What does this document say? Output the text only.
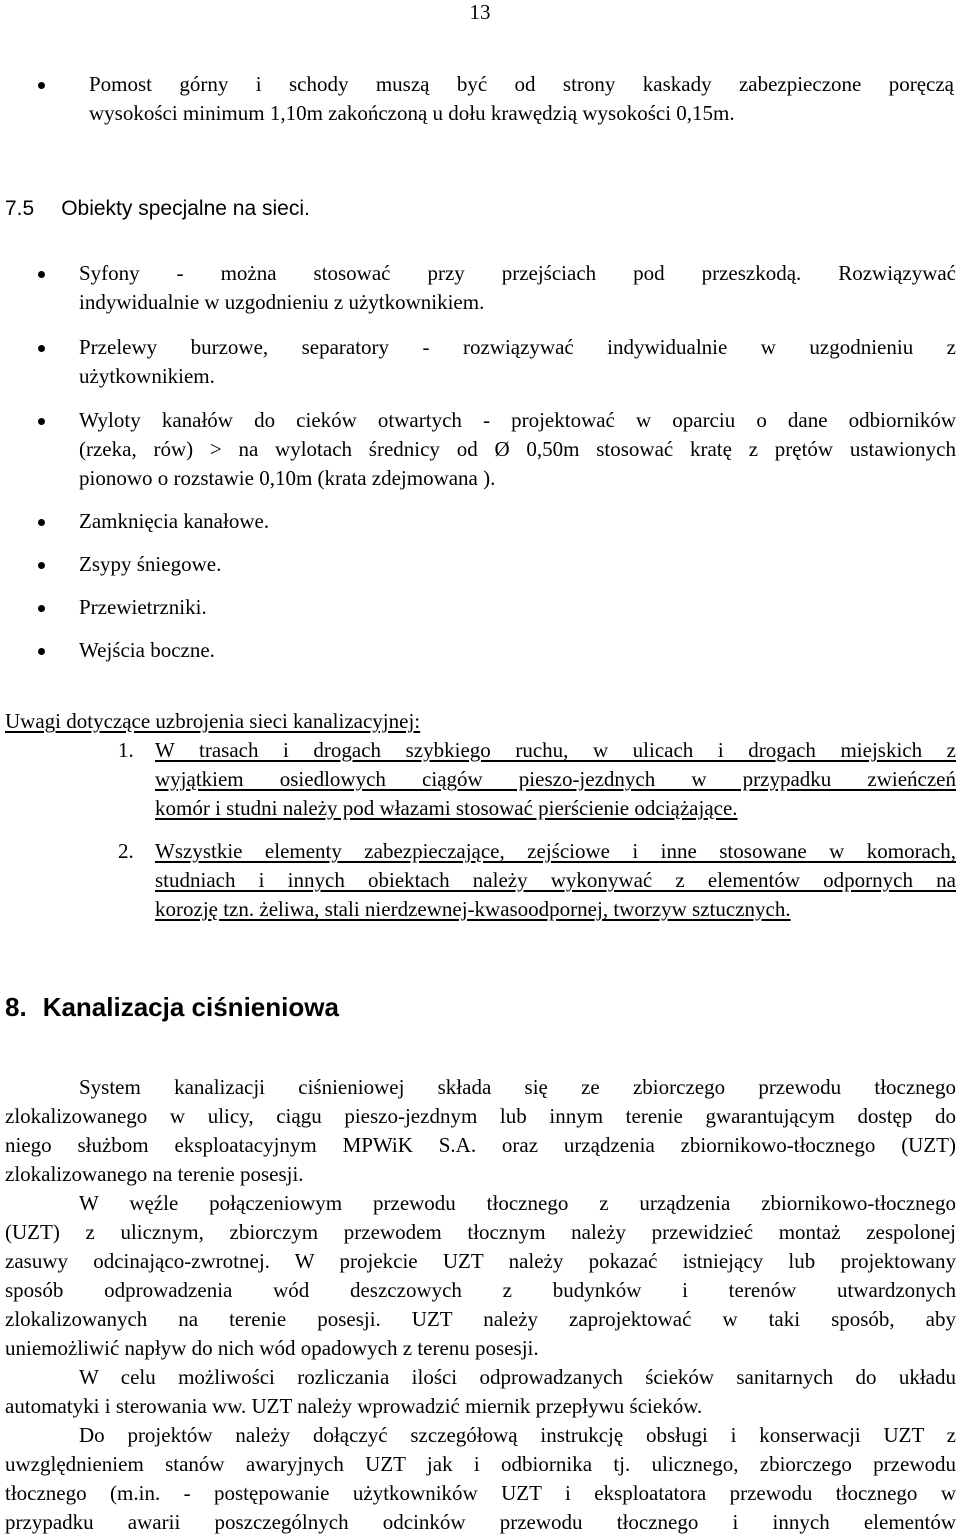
13
Pomost górny i schody muszą być od strony kaskady zabezpieczone poręczą
wysokości minimum 1,10m zakończoną u dołu krawędzią wysokości 0,15m.
7.5 Obiekty specjalne na sieci.
Syfony - można stosować przy przejściach pod przeszkodą. Rozwiązywać
indywidualnie w uzgodnieniu z użytkownikiem.
Przelewy burzowe, separatory - rozwiązywać indywidualnie w uzgodnieniu z
użytkownikiem.
Wyloty kanałów do cieków otwartych - projektować w oparciu o dane odbiorników
(rzeka, rów) > na wylotach średnicy od Ø 0,50m stosować kratę z prętów ustawionych
pionowo o rozstawie 0,10m (krata zdejmowana ).
Zamknięcia kanałowe.
Zsypy śniegowe.
Przewietrzniki.
Wejścia boczne.
Uwagi dotyczące uzbrojenia sieci kanalizacyjnej:
1. W trasach i drogach szybkiego ruchu, w ulicach i drogach miejskich z
wyjątkiem osiedlowych ciągów pieszo-jezdnych w przypadku zwieńczeń
komór i studni należy pod włazami stosować pierścienie odciążające.
2. Wszystkie elementy zabezpieczające, zejściowe i inne stosowane w komorach,
studniach i innych obiektach należy wykonywać z elementów odpornych na
korozję tzn. żeliwa, stali nierdzewnej-kwasoodpornej, tworzyw sztucznych.
8. Kanalizacja ciśnieniowa
System kanalizacji ciśnieniowej składa się ze zbiorczego przewodu tłocznego
zlokalizowanego w ulicy, ciągu pieszo-jezdnym lub innym terenie gwarantującym dostęp do
niego służbom eksploatacyjnym MPWiK S.A. oraz urządzenia zbiornikowo-tłocznego (UZT)
zlokalizowanego na terenie posesji.
W węźle połączeniowym przewodu tłocznego z urządzenia zbiornikowo-tłocznego
(UZT) z ulicznym, zbiorczym przewodem tłocznym należy przewidzieć montaż zespolonej
zasuwy odcinająco-zwrotnej. W projekcie UZT należy pokazać istniejący lub projektowany
sposób odprowadzenia wód deszczowych z budynków i terenów utwardzonych
zlokalizowanych na terenie posesji. UZT należy zaprojektować w taki sposób, aby
uniemożliwić napływ do nich wód opadowych z terenu posesji.
W celu możliwości rozliczania ilości odprowadzanych ścieków sanitarnych do układu
automatyki i sterowania ww. UZT należy wprowadzić miernik przepływu ścieków.
Do projektów należy dołączyć szczegółową instrukcję obsługi i konserwacji UZT z
uwzględnieniem stanów awaryjnych UZT jak i odbiornika tj. ulicznego, zbiorczego przewodu
tłocznego (m.in. - postępowanie użytkowników UZT i eksploatatora przewodu tłocznego w
przypadku awarii poszczególnych odcinków przewodu tłocznego i innych elementów
